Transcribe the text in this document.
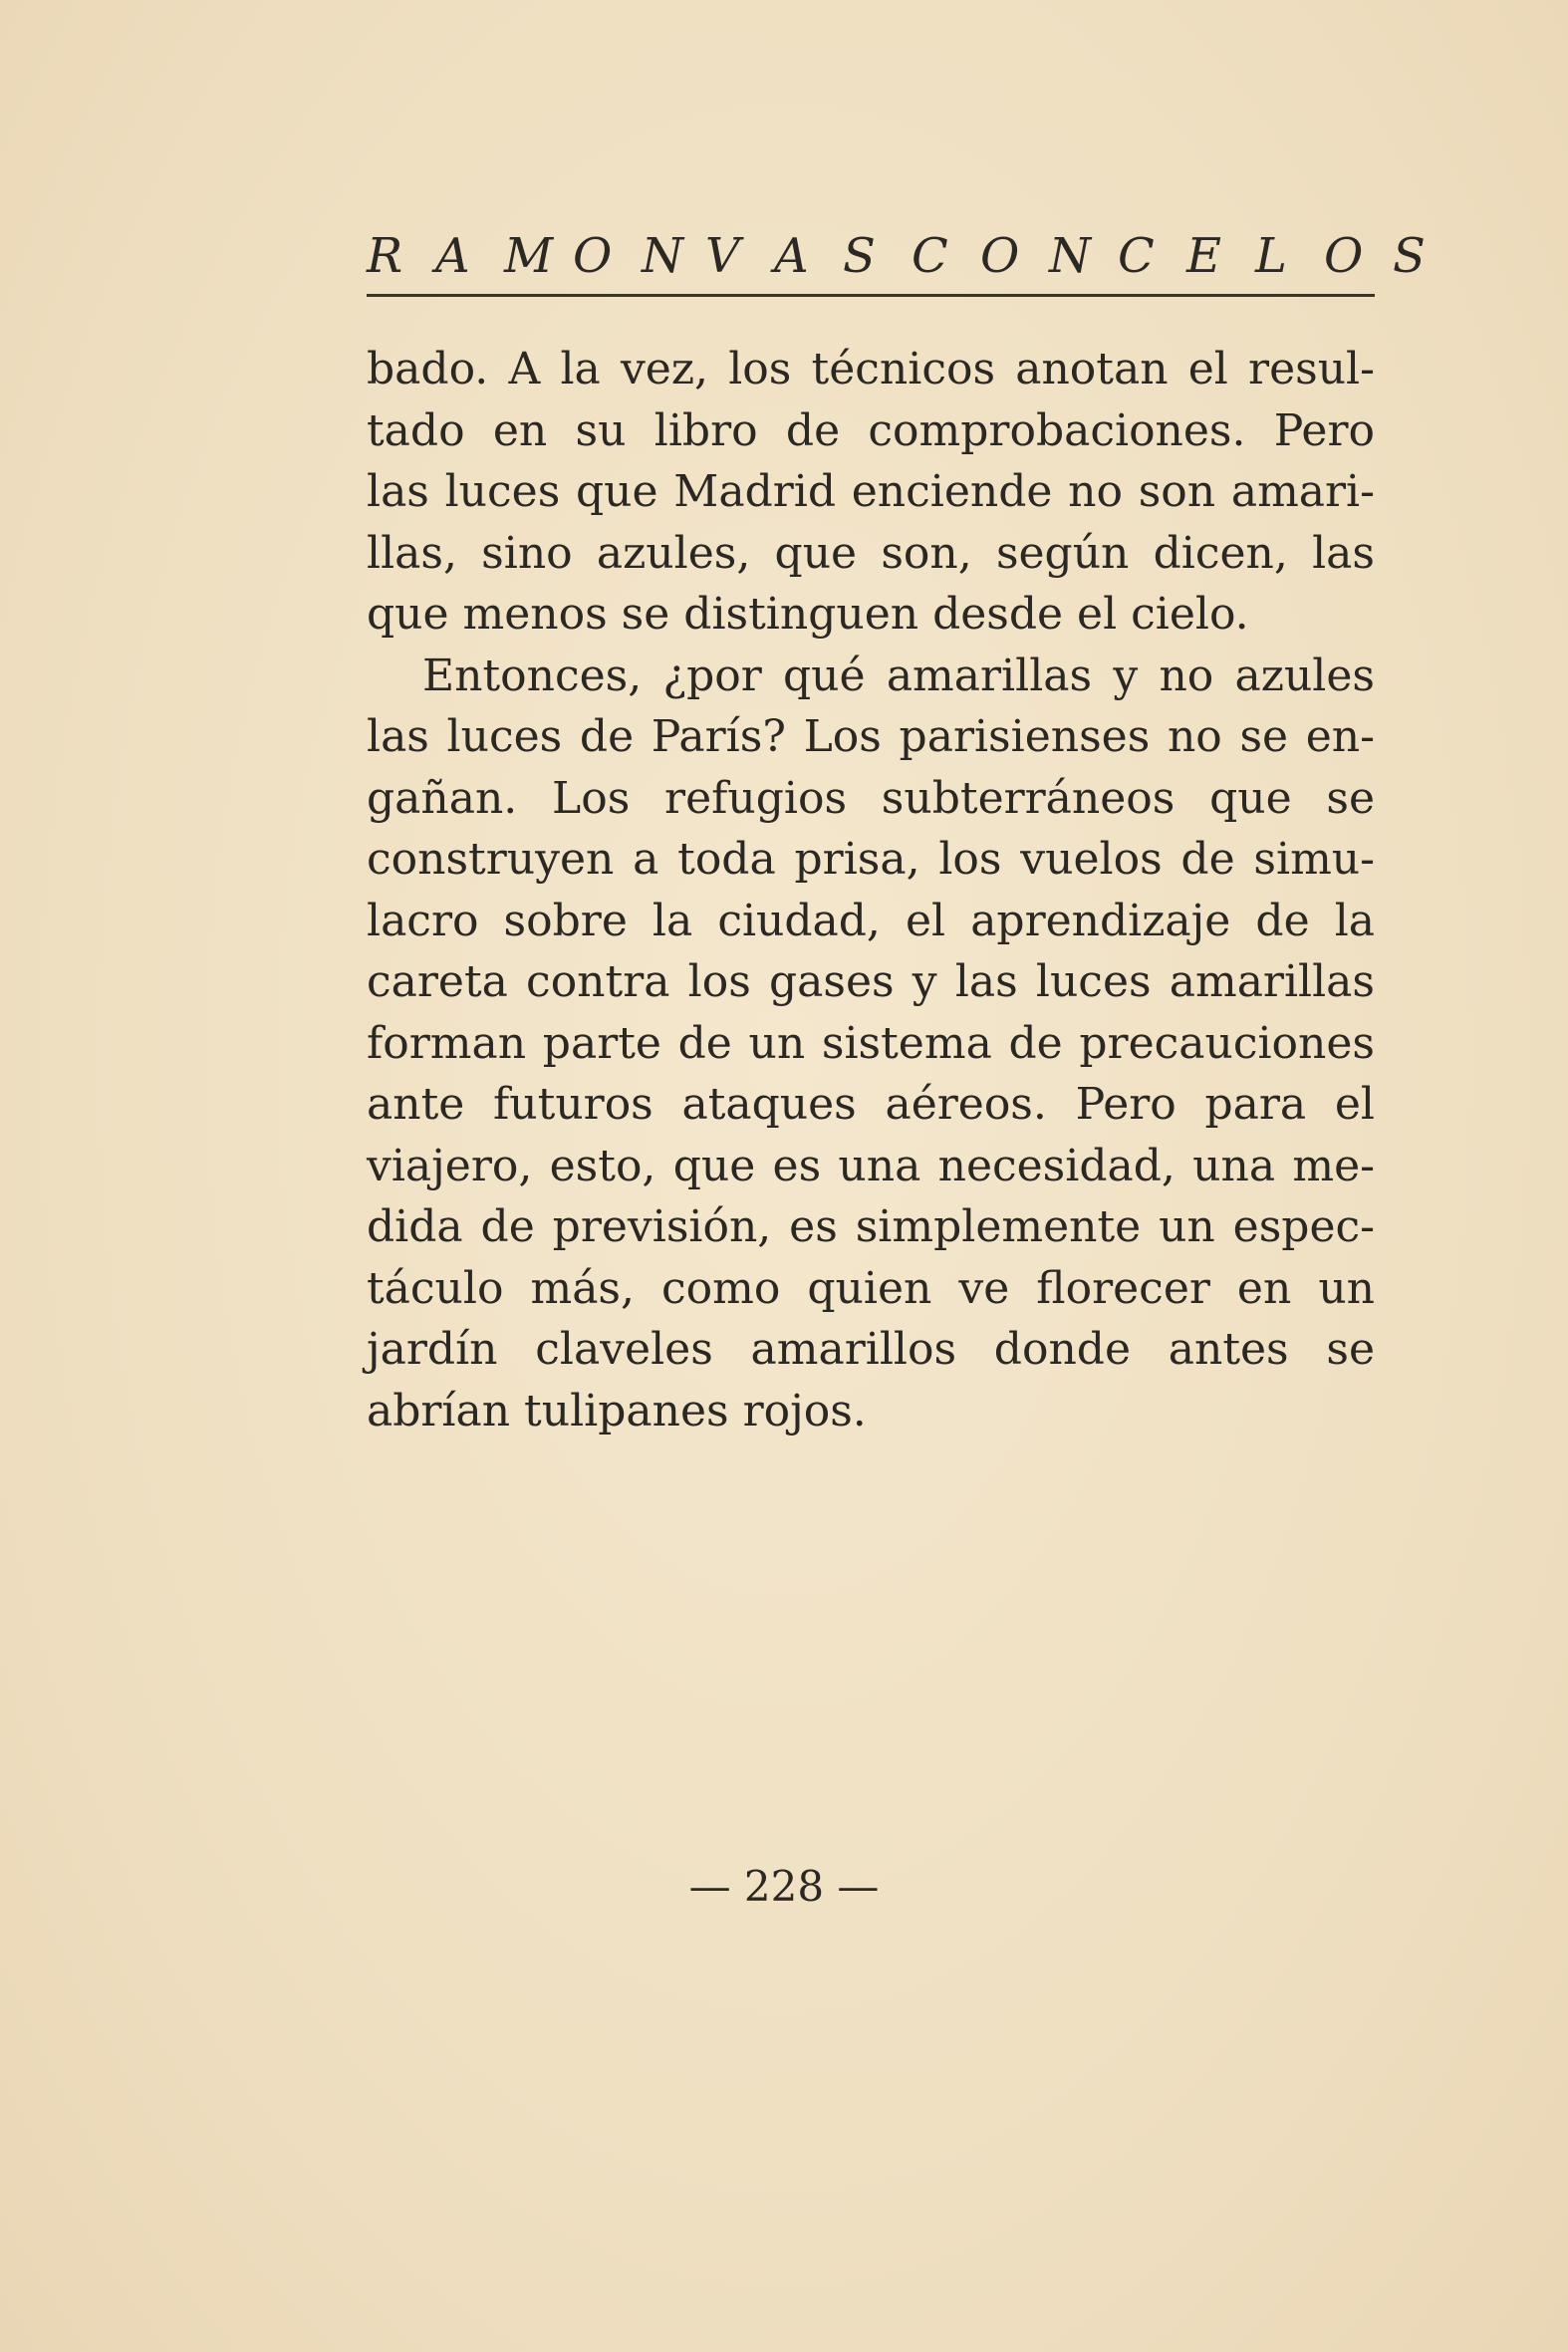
R A M O N V A S C O N C E L O S
bado. A la vez, los técnicos anotan el resul-
tado en su libro de comprobaciones. Pero
las luces que Madrid enciende no son amari-
llas, sino azules, que son, según dicen, las
que menos se distinguen desde el cielo.
Entonces, ¿por qué amarillas y no azules
las luces de París? Los parisienses no se en-
gañan. Los refugios subterráneos que se
construyen a toda prisa, los vuelos de simu-
lacro sobre la ciudad, el aprendizaje de la
careta contra los gases y las luces amarillas
forman parte de un sistema de precauciones
ante futuros ataques aéreos. Pero para el
viajero, esto, que es una necesidad, una me-
dida de previsión, es simplemente un espec-
táculo más, como quien ve florecer en un
jardín claveles amarillos donde antes se
abrían tulipanes rojos.
— 228 —
